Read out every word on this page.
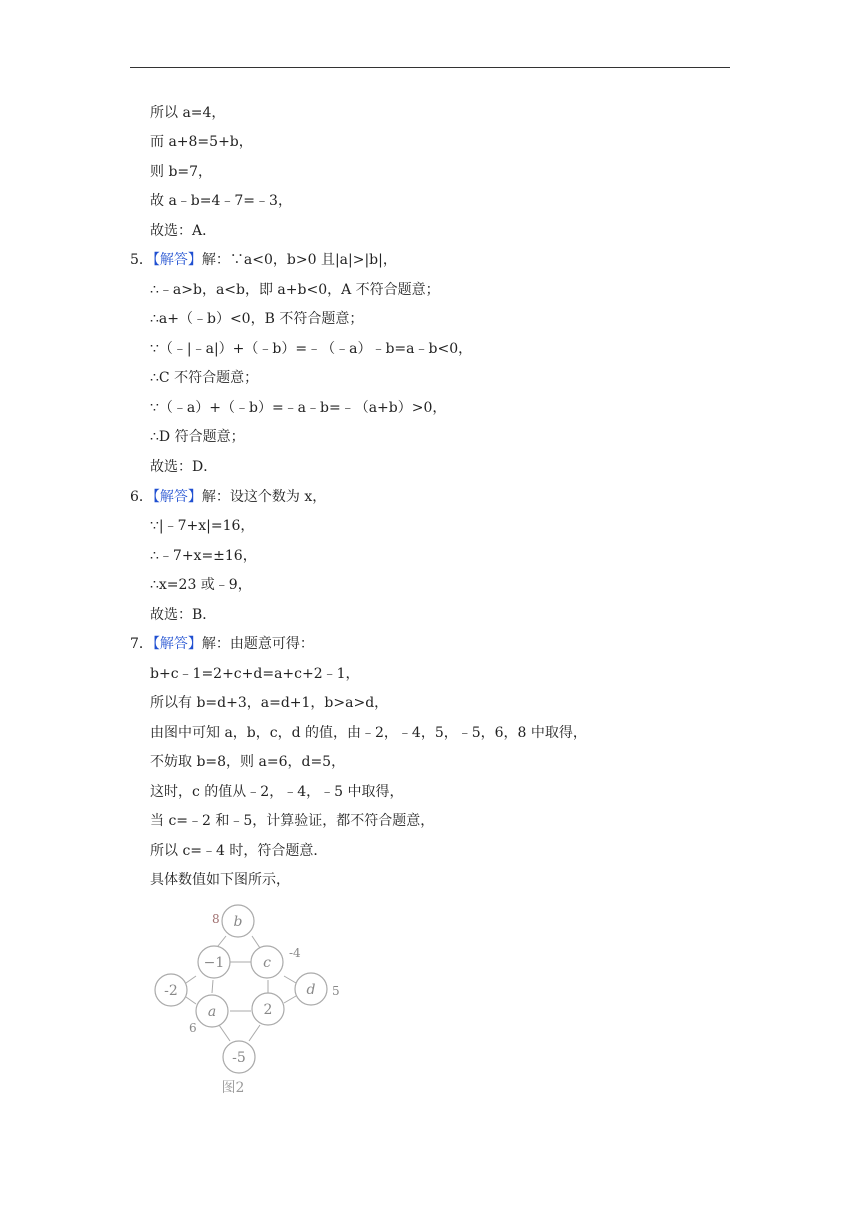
所以 a=4，
而 a+8=5+b，
则 b=7，
故 a﹣b=4﹣7=﹣3，
故选：A．
5．【解答】解：∵a<0，b>0 且|a|>|b|，
∴﹣a>b，a<b，即 a+b<0，A 不符合题意；
∴a+（﹣b）<0，B 不符合题意；
∵（﹣|﹣a|）+（﹣b）=﹣（﹣a）﹣b=a﹣b<0，
∴C 不符合题意；
∵（﹣a）+（﹣b）=﹣a﹣b=﹣（a+b）>0，
∴D 符合题意；
故选：D．
6．【解答】解：设这个数为 x，
∵|﹣7+x|=16，
∴﹣7+x=±16，
∴x=23 或﹣9，
故选：B．
7．【解答】解：由题意可得：
b+c﹣1=2+c+d=a+c+2﹣1，
所以有 b=d+3，a=d+1，b>a>d，
由图中可知 a，b，c，d 的值，由﹣2，﹣4，5，﹣5，6，8 中取得，
不妨取 b=8，则 a=6，d=5，
这时，c 的值从﹣2，﹣4，﹣5 中取得，
当 c=﹣2 和﹣5，计算验证，都不符合题意，
所以 c=﹣4 时，符合题意．
具体数值如下图所示，
b
−1	c
-2
a	2
d
-5
8
-4
6
5
图2
